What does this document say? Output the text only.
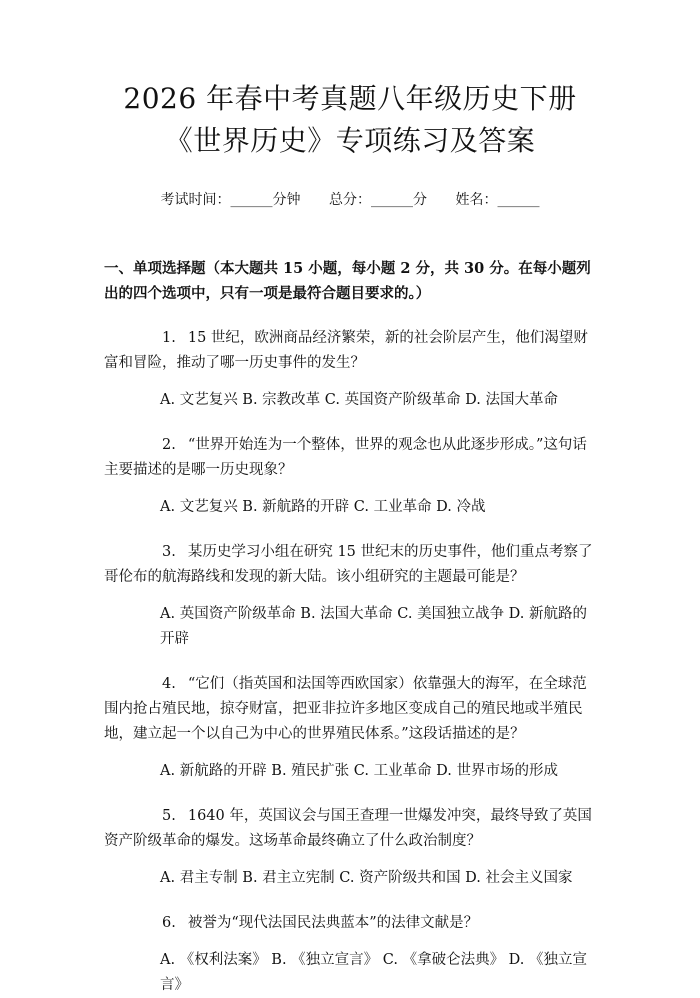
2026 年春中考真题八年级历史下册《世界历史》专项练习及答案
考试时间：______分钟 总分：______分 姓名：______
一、单项选择题（本大题共 15 小题，每小题 2 分，共 30 分。在每小题列出的四个选项中，只有一项是最符合题目要求的。）
1. 15 世纪，欧洲商品经济繁荣，新的社会阶层产生，他们渴望财富和冒险，推动了哪一历史事件的发生？
A. 文艺复兴 B. 宗教改革 C. 英国资产阶级革命 D. 法国大革命
2. “世界开始连为一个整体，世界的观念也从此逐步形成。”这句话主要描述的是哪一历史现象？
A. 文艺复兴 B. 新航路的开辟 C. 工业革命 D. 冷战
3. 某历史学习小组在研究 15 世纪末的历史事件，他们重点考察了哥伦布的航海路线和发现的新大陆。该小组研究的主题最可能是？
A. 英国资产阶级革命 B. 法国大革命 C. 美国独立战争 D. 新航路的开辟
4. “它们（指英国和法国等西欧国家）依靠强大的海军，在全球范围内抢占殖民地，掠夺财富，把亚非拉许多地区变成自己的殖民地或半殖民地，建立起一个以自己为中心的世界殖民体系。”这段话描述的是？
A. 新航路的开辟 B. 殖民扩张 C. 工业革命 D. 世界市场的形成
5. 1640 年，英国议会与国王查理一世爆发冲突，最终导致了英国资产阶级革命的爆发。这场革命最终确立了什么政治制度？
A. 君主专制 B. 君主立宪制 C. 资产阶级共和国 D. 社会主义国家
6. 被誉为“现代法国民法典蓝本”的法律文献是？
A. 《权利法案》 B. 《独立宣言》 C. 《拿破仑法典》 D. 《独立宣言》
